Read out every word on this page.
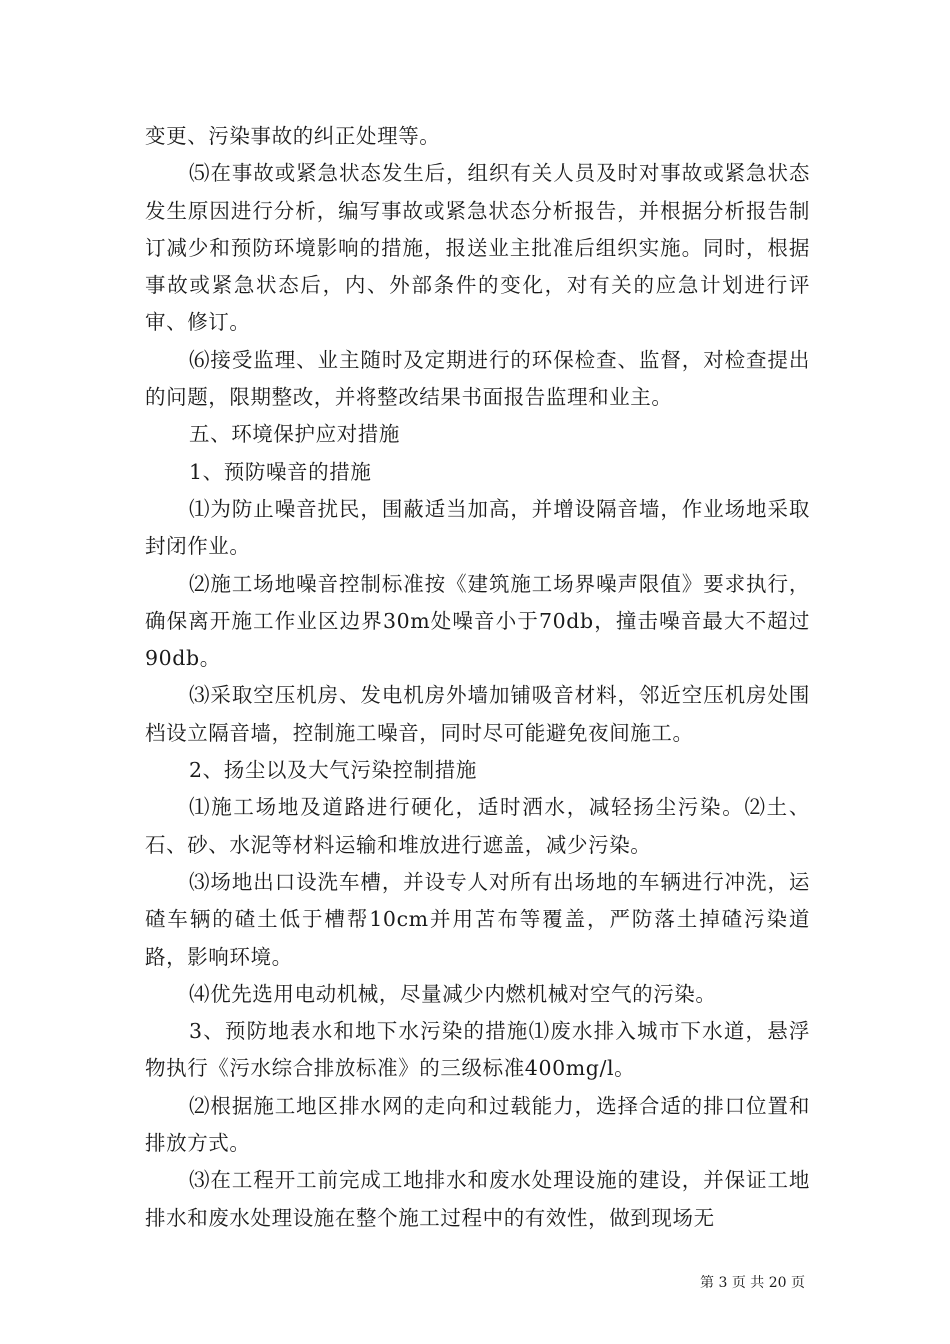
变更、污染事故的纠正处理等。

⑸在事故或紧急状态发生后，组织有关人员及时对事故或紧急状态发生原因进行分析，编写事故或紧急状态分析报告，并根据分析报告制订减少和预防环境影响的措施，报送业主批准后组织实施。同时，根据事故或紧急状态后，内、外部条件的变化，对有关的应急计划进行评审、修订。

⑹接受监理、业主随时及定期进行的环保检查、监督，对检查提出的问题，限期整改，并将整改结果书面报告监理和业主。

五、环境保护应对措施

1、预防噪音的措施

⑴为防止噪音扰民，围蔽适当加高，并增设隔音墙，作业场地采取封闭作业。

⑵施工场地噪音控制标准按《建筑施工场界噪声限值》要求执行，确保离开施工作业区边界30m处噪音小于70db，撞击噪音最大不超过90db。

⑶采取空压机房、发电机房外墙加铺吸音材料，邻近空压机房处围档设立隔音墙，控制施工噪音，同时尽可能避免夜间施工。

2、扬尘以及大气污染控制措施

⑴施工场地及道路进行硬化，适时洒水，减轻扬尘污染。⑵土、石、砂、水泥等材料运输和堆放进行遮盖，减少污染。

⑶场地出口设洗车槽，并设专人对所有出场地的车辆进行冲洗，运碴车辆的碴土低于槽帮10cm并用苫布等覆盖，严防落土掉碴污染道路，影响环境。

⑷优先选用电动机械，尽量减少内燃机械对空气的污染。

3、预防地表水和地下水污染的措施⑴废水排入城市下水道，悬浮物执行《污水综合排放标准》的三级标准400mg/l。

⑵根据施工地区排水网的走向和过载能力，选择合适的排口位置和排放方式。

⑶在工程开工前完成工地排水和废水处理设施的建设，并保证工地排水和废水处理设施在整个施工过程中的有效性，做到现场无

第 3 页 共 20 页
